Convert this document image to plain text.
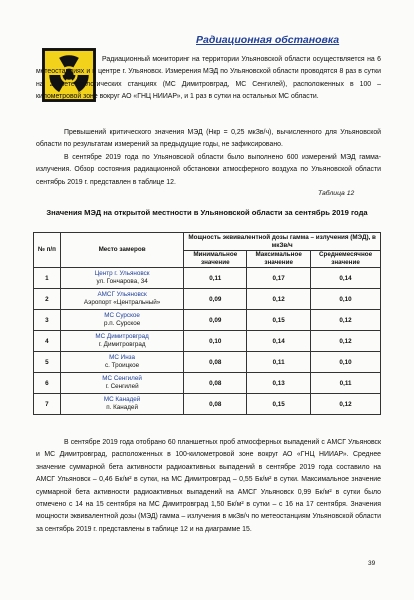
Радиационная обстановка
Радиационный мониторинг на территории Ульяновской области осуществляется на 6 метеостанциях и в центре г. Ульяновск. Измерения МЭД по Ульяновской области проводятся 8 раз в сутки на 2 метеорологических станциях (МС Димитровград, МС Сенгилей), расположенных в 100 – километровой зоне вокруг АО «ГНЦ НИИАР», и 1 раз в сутки на остальных МС области.
Превышений критического значения МЭД (Нкр = 0,25 мкЗв/ч), вычисленного для Ульяновской области по результатам измерений за предыдущие годы, не зафиксировано.
В сентябре 2019 года по Ульяновской области было выполнено 600 измерений МЭД гамма-излучения. Обзор состояния радиационной обстановки атмосферного воздуха по Ульяновской области сентябрь 2019 г. представлен в таблице 12.
Таблица 12
Значения МЭД на открытой местности в Ульяновской области за сентябрь 2019 года
№ п/п	Место замеров	Мощность эквивалентной дозы гамма – излучения (МЭД), в мкЗв/ч		
		Минимальное значение	Максимальное значение	Среднемесячное значение
1	Центр г. Ульяновск
ул. Гончарова, 34	0,11	0,17	0,14
2	АМСГ Ульяновск
Аэропорт «Центральный»	0,09	0,12	0,10
3	МС Сурское
р.п. Сурское	0,09	0,15	0,12
4	МС Димитровград
г. Димитровград	0,10	0,14	0,12
5	МС Инза
с. Троицкое	0,08	0,11	0,10
6	МС Сенгилей
г. Сенгилей	0,08	0,13	0,11
7	МС Канадей
п. Канадей	0,08	0,15	0,12
В сентябре 2019 года отобрано 60 планшетных проб атмосферных выпадений с АМСГ Ульяновск и МС Димитровград, расположенных в 100-километровой зоне вокруг АО «ГНЦ НИИАР». Среднее значение суммарной бета активности радиоактивных выпадений в сентябре 2019 года составило на АМСГ Ульяновск – 0,46 Бк/м² в сутки, на МС Димитровград – 0,55 Бк/м² в сутки. Максимальное значение суммарной бета активности радиоактивных выпадений на АМСГ Ульяновск 0,99 Бк/м² в сутки было отмечено с 14 на 15 сентября на МС Димитровград 1,50 Бк/м² в сутки – с 16 на 17 сентября. Значения мощности эквивалентной дозы (МЭД) гамма – излучения в мкЗв/ч по метеостанциям Ульяновской области за сентябрь 2019 г. представлены в таблице 12 и на диаграмме 15.
39
